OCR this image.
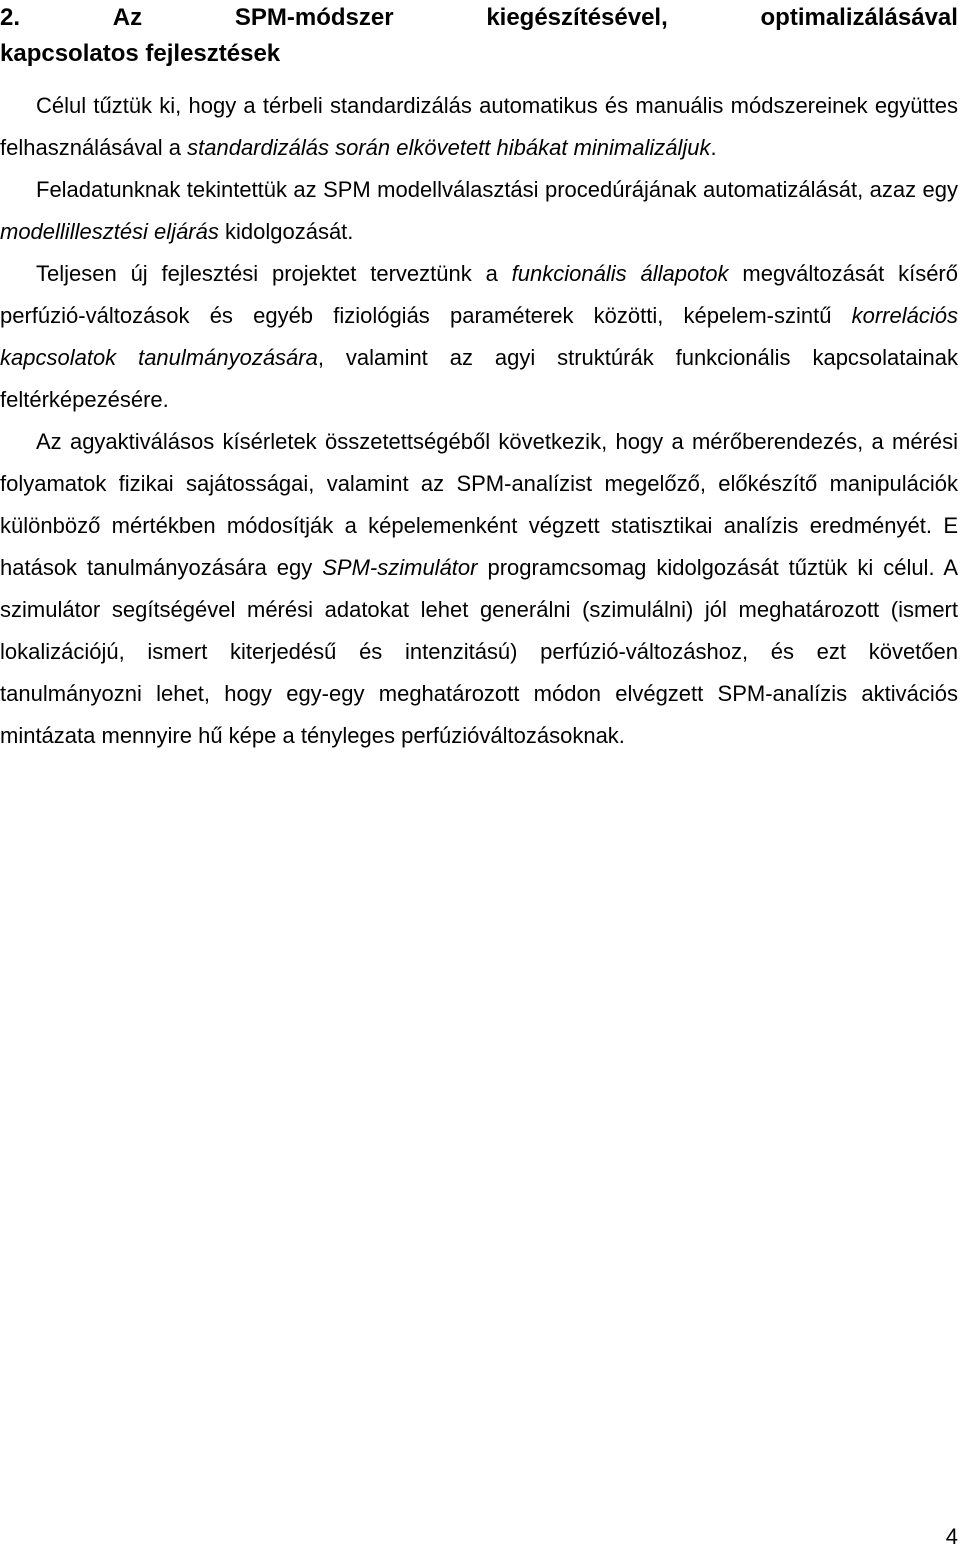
2.	Az	SPM-módszer	kiegészítésével,	optimalizálásával
kapcsolatos fejlesztések

Célul tűztük ki, hogy a térbeli standardizálás automatikus és manuális módszereinek együttes felhasználásával a standardizálás során elkövetett hibákat minimalizáljuk.

Feladatunknak tekintettük az SPM modellválasztási procedúrájának automatizálását, azaz egy modellillesztési eljárás kidolgozását.

Teljesen új fejlesztési projektet terveztünk a funkcionális állapotok megváltozását kísérő perfúzió-változások és egyéb fiziológiás paraméterek közötti, képelem-szintű korrelációs kapcsolatok tanulmányozására, valamint az agyi struktúrák funkcionális kapcsolatainak feltérképezésére.

Az agyaktiválásos kísérletek összetettségéből következik, hogy a mérőberendezés, a mérési folyamatok fizikai sajátosságai, valamint az SPM-analízist megelőző, előkészítő manipulációk különböző mértékben módosítják a képelemenként végzett statisztikai analízis eredményét. E hatások tanulmányozására egy SPM-szimulátor programcsomag kidolgozását tűztük ki célul. A szimulátor segítségével mérési adatokat lehet generálni (szimulálni) jól meghatározott (ismert lokalizációjú, ismert kiterjedésű és intenzitású) perfúzió-változáshoz, és ezt követően tanulmányozni lehet, hogy egy-egy meghatározott módon elvégzett SPM-analízis aktivációs mintázata mennyire hű képe a tényleges perfúzióváltozásoknak.

4
